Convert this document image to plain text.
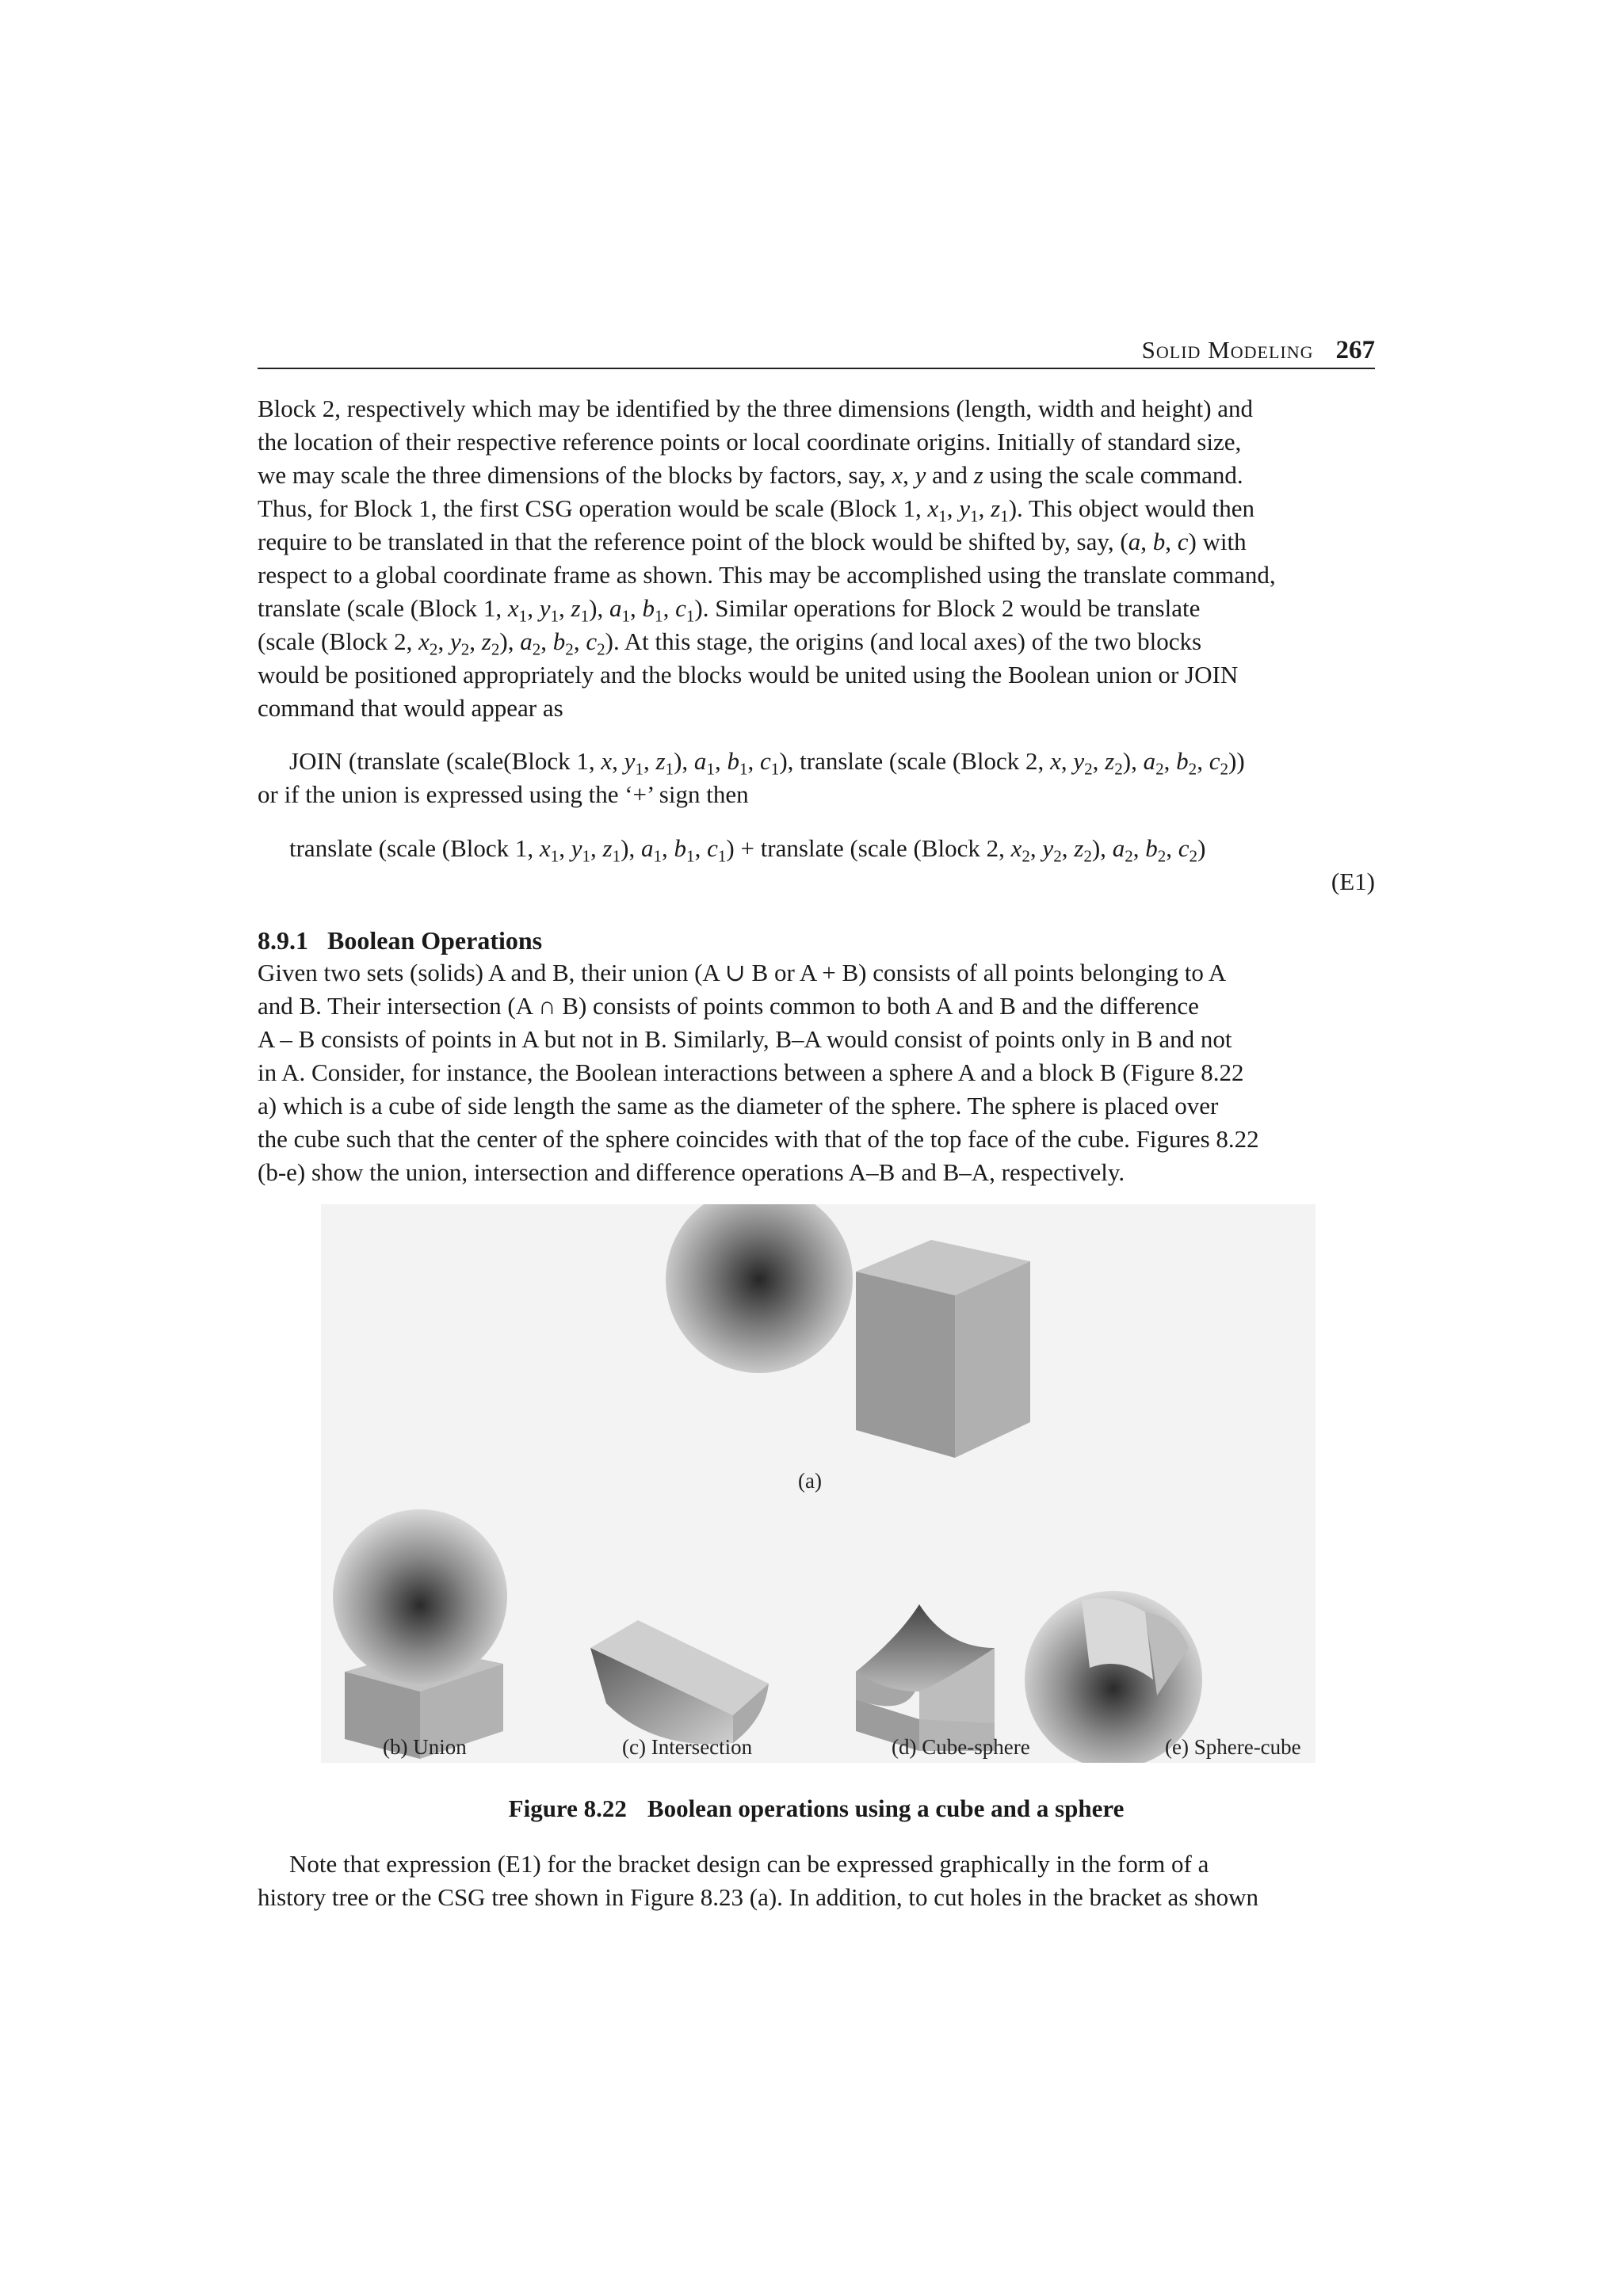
Solid Modeling 267
Block 2, respectively which may be identified by the three dimensions (length, width and height) and
the location of their respective reference points or local coordinate origins. Initially of standard size,
we may scale the three dimensions of the blocks by factors, say, x, y and z using the scale command.
Thus, for Block 1, the first CSG operation would be scale (Block 1, $x_1$, $y_1$, $z_1$). This object would then
require to be translated in that the reference point of the block would be shifted by, say, (a, b, c) with
respect to a global coordinate frame as shown. This may be accomplished using the translate command,
translate (scale (Block 1, $x_1$, $y_1$, $z_1$), $a_1$, $b_1$, $c_1$). Similar operations for Block 2 would be translate
(scale (Block 2, $x_2$, $y_2$, $z_2$), $a_2$, $b_2$, $c_2$). At this stage, the origins (and local axes) of the two blocks
would be positioned appropriately and the blocks would be united using the Boolean union or JOIN
command that would appear as
JOIN (translate (scale(Block 1, x, $y_1$, $z_1$), $a_1$, $b_1$, $c_1$), translate (scale (Block 2, x, $y_2$, $z_2$), $a_2$, $b_2$, $c_2$))
or if the union is expressed using the ‘+’ sign then
translate (scale (Block 1, $x_1$, $y_1$, $z_1$), $a_1$, $b_1$, $c_1$) + translate (scale (Block 2, $x_2$, $y_2$, $z_2$), $a_2$, $b_2$, $c_2$)
(E1)
8.9.1 Boolean Operations
Given two sets (solids) A and B, their union (A ∪ B or A + B) consists of all points belonging to A
and B. Their intersection (A ∩ B) consists of points common to both A and B and the difference
A – B consists of points in A but not in B. Similarly, B–A would consist of points only in B and not
in A. Consider, for instance, the Boolean interactions between a sphere A and a block B (Figure 8.22
a) which is a cube of side length the same as the diameter of the sphere. The sphere is placed over
the cube such that the center of the sphere coincides with that of the top face of the cube. Figures 8.22
(b-e) show the union, intersection and difference operations A–B and B–A, respectively.
(a)
(b) Union	(c) Intersection	(d) Cube-sphere	(e) Sphere-cube
Figure 8.22 Boolean operations using a cube and a sphere
Note that expression (E1) for the bracket design can be expressed graphically in the form of a
history tree or the CSG tree shown in Figure 8.23 (a). In addition, to cut holes in the bracket as shown
